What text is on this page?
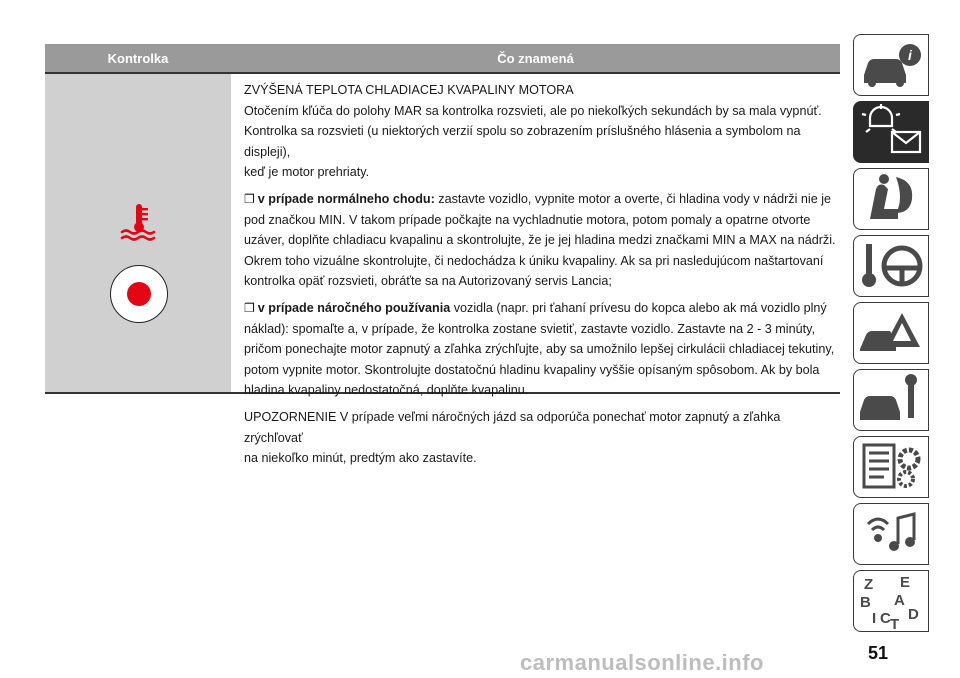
Kontrolka	Čo znamená

ZVÝŠENÁ TEPLOTA CHLADIACEJ KVAPALINY MOTORA

Otočením kľúča do polohy MAR sa kontrolka rozsvieti, ale po niekoľkých sekundách by sa mala vypnúť.

Kontrolka sa rozsvieti (u niektorých verzií spolu so zobrazením príslušného hlásenia a symbolom na displeji),

keď je motor prehriaty.

❒ v prípade normálneho chodu: zastavte vozidlo, vypnite motor a overte, či hladina vody v nádrži nie je

pod značkou MIN. V takom prípade počkajte na vychladnutie motora, potom pomaly a opatrne otvorte

uzáver, doplňte chladiacu kvapalinu a skontrolujte, že je jej hladina medzi značkami MIN a MAX na nádrži.

Okrem toho vizuálne skontrolujte, či nedochádza k úniku kvapaliny. Ak sa pri nasledujúcom naštartovaní

kontrolka opäť rozsvieti, obráťte sa na Autorizovaný servis Lancia;

❒ v prípade náročného používania vozidla (napr. pri ťahaní prívesu do kopca alebo ak má vozidlo plný

náklad): spomaľte a, v prípade, že kontrolka zostane svietiť, zastavte vozidlo. Zastavte na 2 - 3 minúty,

pričom ponechajte motor zapnutý a zľahka zrýchľujte, aby sa umožnilo lepšej cirkulácii chladiacej tekutiny,

potom vypnite motor. Skontrolujte dostatočnú hladinu kvapaliny vyššie opísaným spôsobom. Ak by bola

hladina kvapaliny nedostatočná, doplňte kvapalinu.

UPOZORNENIE V prípade veľmi náročných jázd sa odporúča ponechať motor zapnutý a zľahka zrýchľovať

na niekoľko minút, predtým ako zastavíte.

i
Z E
B A
I C D
T
51
carmanualsonline.info
